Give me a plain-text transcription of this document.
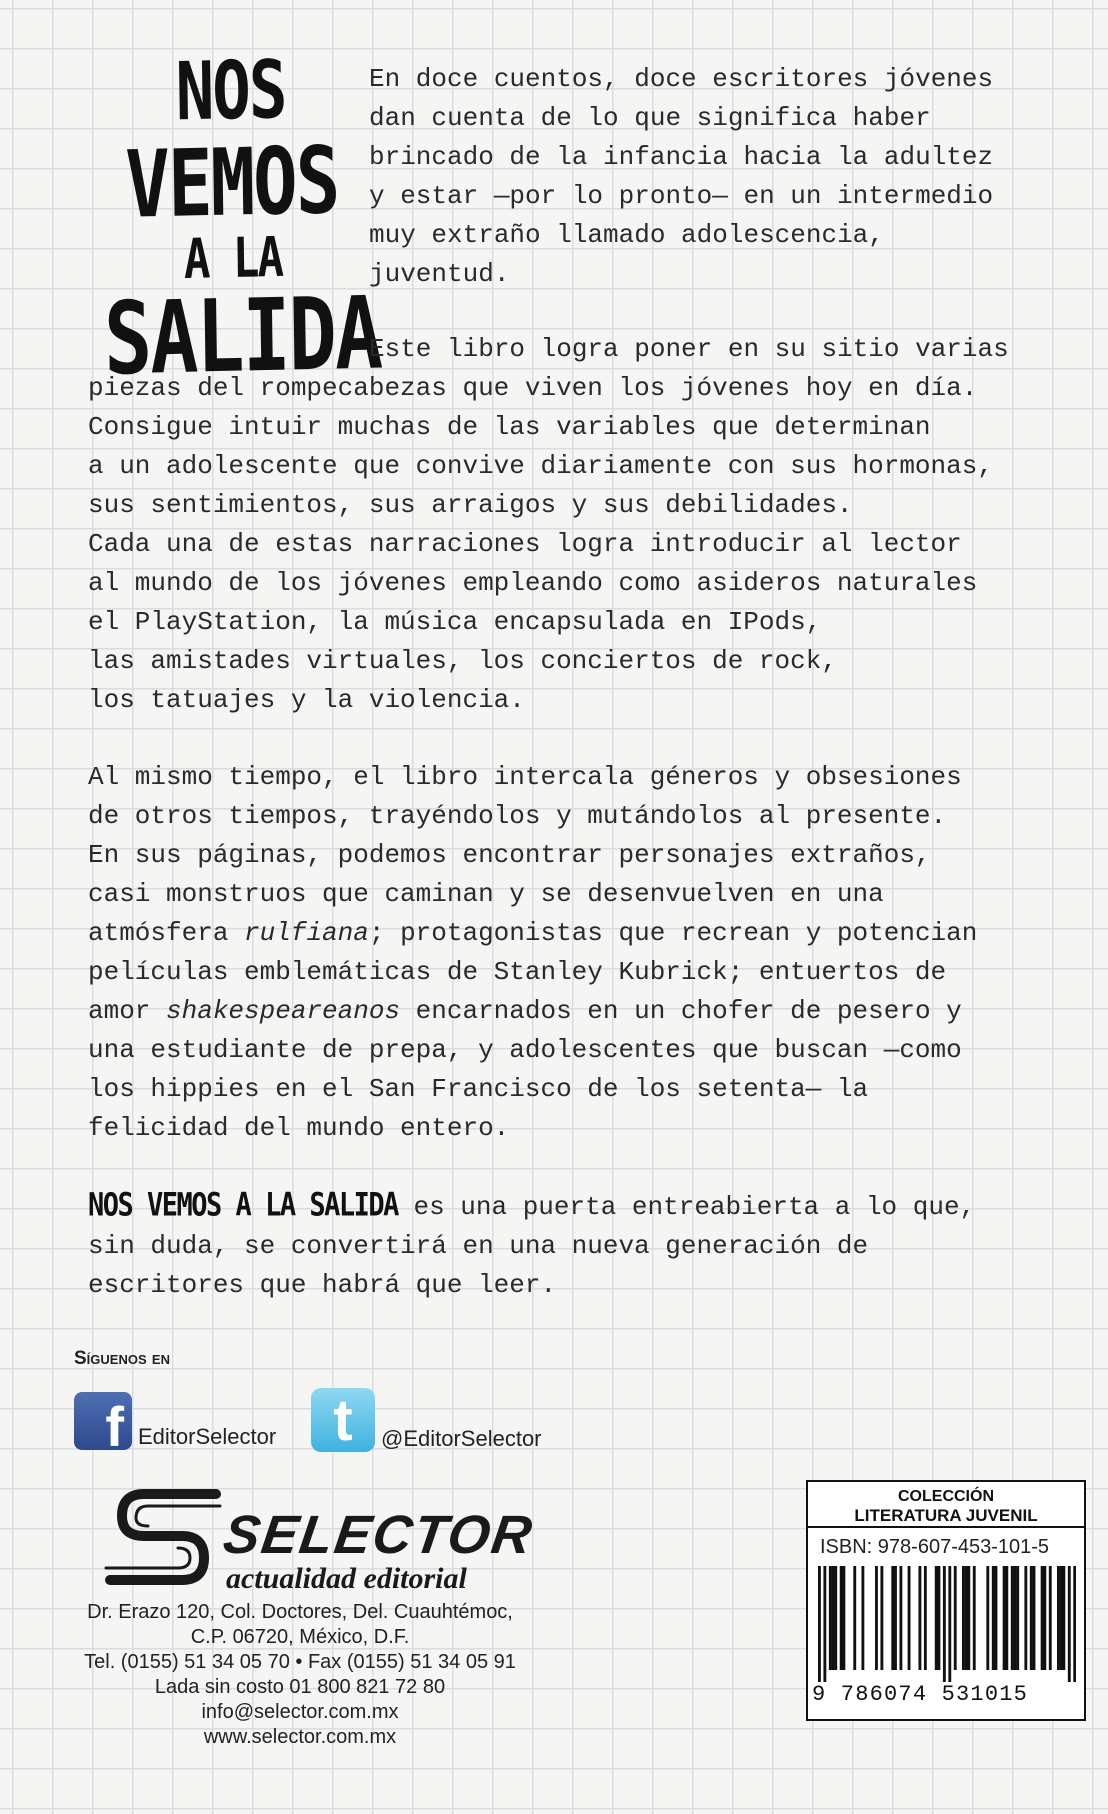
NOS
VEMOS
A LA
SALIDA
En doce cuentos, doce escritores jóvenes
dan cuenta de lo que significa haber
brincado de la infancia hacia la adultez
y estar —por lo pronto— en un intermedio
muy extraño llamado adolescencia,
juventud.
Este libro logra poner en su sitio varias
piezas del rompecabezas que viven los jóvenes hoy en día.
Consigue intuir muchas de las variables que determinan
a un adolescente que convive diariamente con sus hormonas,
sus sentimientos, sus arraigos y sus debilidades.
Cada una de estas narraciones logra introducir al lector
al mundo de los jóvenes empleando como asideros naturales
el PlayStation, la música encapsulada en IPods,
las amistades virtuales, los conciertos de rock,
los tatuajes y la violencia.
Al mismo tiempo, el libro intercala géneros y obsesiones
de otros tiempos, trayéndolos y mutándolos al presente.
En sus páginas, podemos encontrar personajes extraños,
casi monstruos que caminan y se desenvuelven en una
atmósfera rulfiana; protagonistas que recrean y potencian
películas emblemáticas de Stanley Kubrick; entuertos de
amor shakespeareanos encarnados en un chofer de pesero y
una estudiante de prepa, y adolescentes que buscan —como
los hippies en el San Francisco de los setenta— la
felicidad del mundo entero.
NOS VEMOS A LA SALIDA es una puerta entreabierta a lo que,
sin duda, se convertirá en una nueva generación de
escritores que habrá que leer.
Síguenos en
f EditorSelector t	@EditorSelector
SELECTOR
actualidad editorial
Dr. Erazo 120, Col. Doctores, Del. Cuauhtémoc,
C.P. 06720, México, D.F.
Tel. (0155) 51 34 05 70 • Fax (0155) 51 34 05 91
Lada sin costo 01 800 821 72 80
info@selector.com.mx
www.selector.com.mx
COLECCIÓN
LITERATURA JUVENIL
ISBN: 978-607-453-101-5
9 786074 531015
